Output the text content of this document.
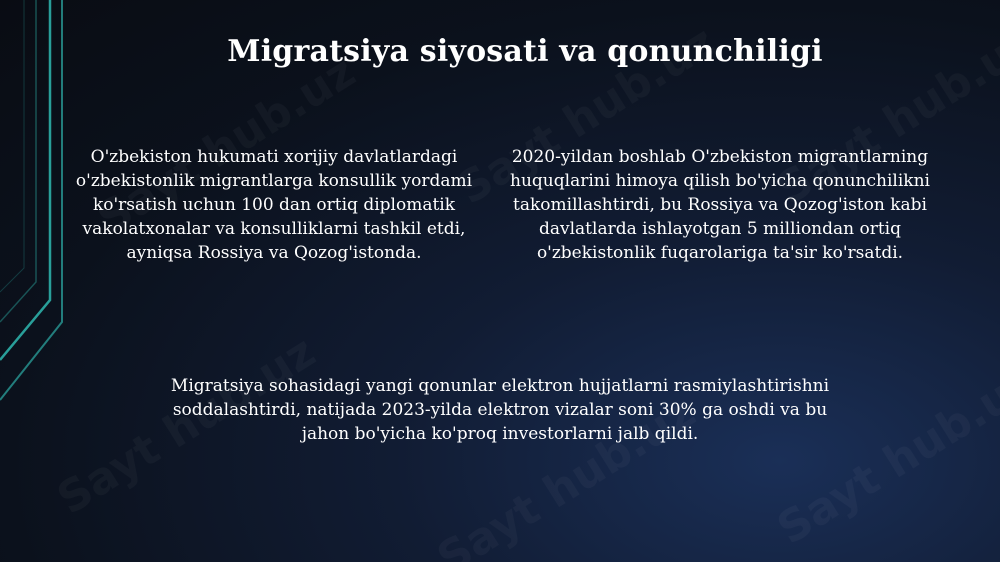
Migratsiya siyosati va qonunchiligi

O'zbekiston hukumati xorijiy davlatlardagi o'zbekistonlik migrantlarga konsullik yordami ko'rsatish uchun 100 dan ortiq diplomatik vakolatxonalar va konsulliklarni tashkil etdi, ayniqsa Rossiya va Qozog'istonda.

2020-yildan boshlab O'zbekiston migrantlarning huquqlarini himoya qilish bo'yicha qonunchilikni takomillashtirdi, bu Rossiya va Qozog'iston kabi davlatlarda ishlayotgan 5 milliondan ortiq o'zbekistonlik fuqarolariga ta'sir ko'rsatdi.

Migratsiya sohasidagi yangi qonunlar elektron hujjatlarni rasmiylashtirishni soddalashtirdi, natijada 2023-yilda elektron vizalar soni 30% ga oshdi va bu jahon bo'yicha ko'proq investorlarni jalb qildi.
